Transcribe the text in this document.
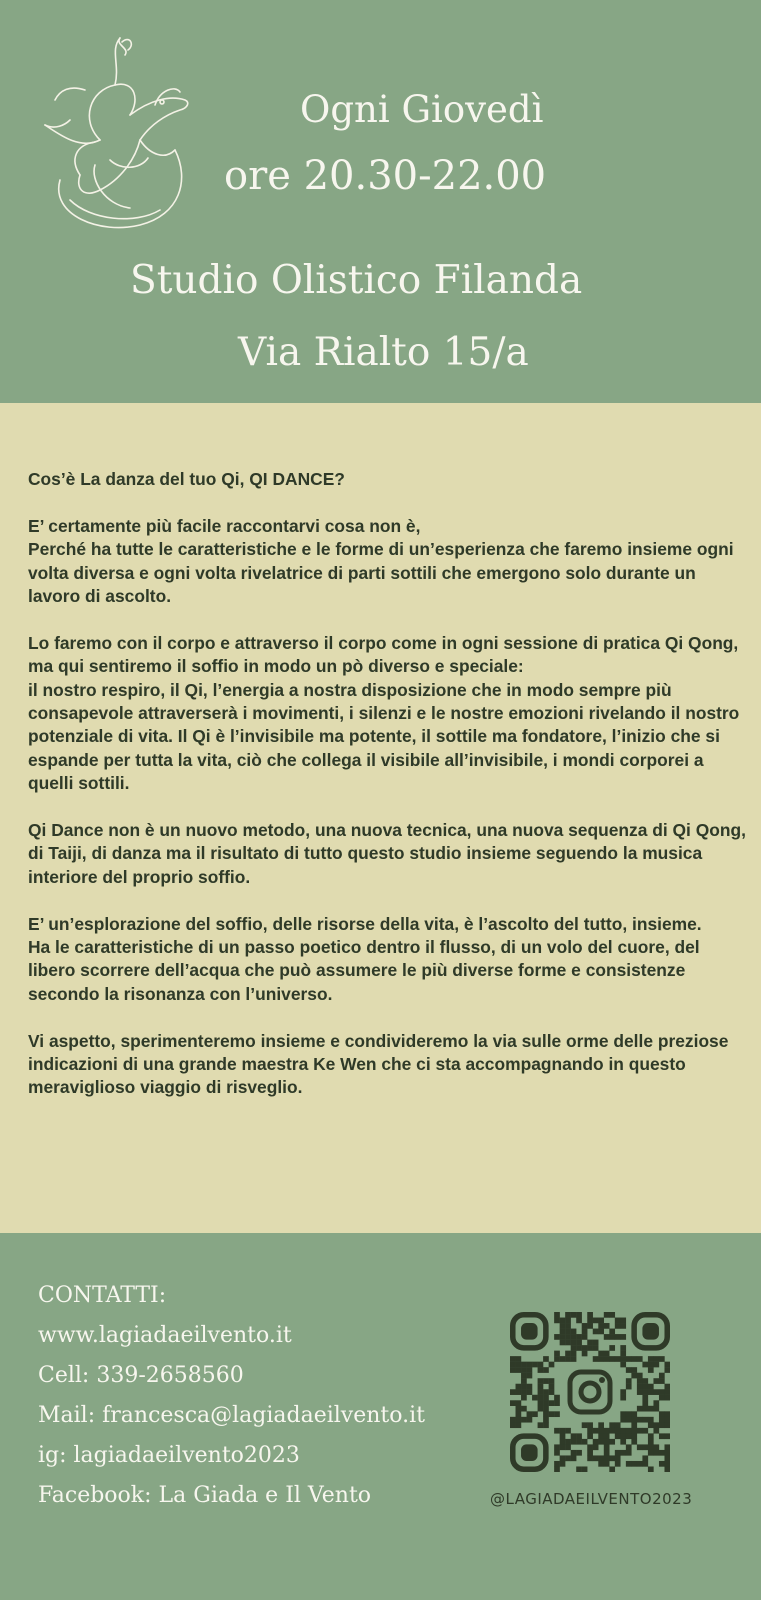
Ogni Giovedì
ore 20.30-22.00
Studio Olistico Filanda
Via Rialto 15/a

Cos’è La danza del tuo Qi, QI DANCE?

E’ certamente più facile raccontarvi cosa non è,
Perché ha tutte le caratteristiche e le forme di un’esperienza che faremo insieme ogni volta diversa e ogni volta rivelatrice di parti sottili che emergono solo durante un lavoro di ascolto.

Lo faremo con il corpo e attraverso il corpo come in ogni sessione di pratica Qi Qong, ma qui sentiremo il soffio in modo un pò diverso e speciale:
il nostro respiro, il Qi, l’energia a nostra disposizione che in modo sempre più consapevole attraverserà i movimenti, i silenzi e le nostre emozioni rivelando il nostro potenziale di vita. Il Qi è l’invisibile ma potente, il sottile ma fondatore, l’inizio che si espande per tutta la vita, ciò che collega il visibile all’invisibile, i mondi corporei a quelli sottili.

Qi Dance non è un nuovo metodo, una nuova tecnica, una nuova sequenza di Qi Qong, di Taiji, di danza ma il risultato di tutto questo studio insieme seguendo la musica interiore del proprio soffio.

E’ un’esplorazione del soffio, delle risorse della vita, è l’ascolto del tutto, insieme.
Ha le caratteristiche di un passo poetico dentro il flusso, di un volo del cuore, del libero scorrere dell’acqua che può assumere le più diverse forme e consistenze secondo la risonanza con l’universo.

Vi aspetto, sperimenteremo insieme e condivideremo la via sulle orme delle preziose indicazioni di una grande maestra Ke Wen che ci sta accompagnando in questo meraviglioso viaggio di risveglio.

CONTATTI:
www.lagiadaeilvento.it
Cell: 339-2658560
Mail: francesca@lagiadaeilvento.it
ig: lagiadaeilvento2023
Facebook: La Giada e Il Vento	@LAGIADAEILVENTO2023
